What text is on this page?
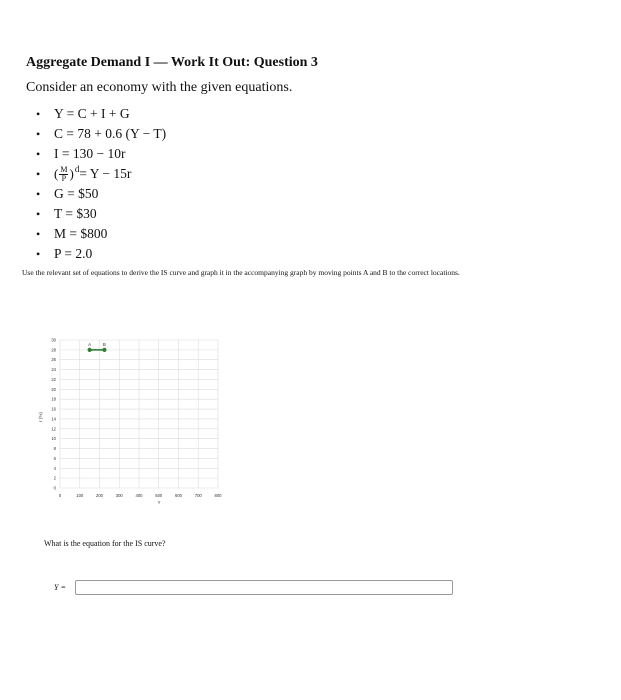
Aggregate Demand I — Work It Out: Question 3

Consider an economy with the given equations.

•	Y = C + I + G
•	C = 78 + 0.6 (Y − T)
•	I = 130 − 10r
•	( $\frac{M}{P} )^d = Y - 15r$
•	G = $50
•	T = $30
•	M = $800
•	P = 2.0

Use the relevant set of equations to derive the IS curve and graph it in the accompanying graph by moving points A and B to the correct locations.

0	100	200	300	400	500	600	700	800
0
2
4
6
8
10
12
14
16
18
20
22
24
26
28
30
Y
r (%)
A	B

What is the equation for the IS curve?

Y =
